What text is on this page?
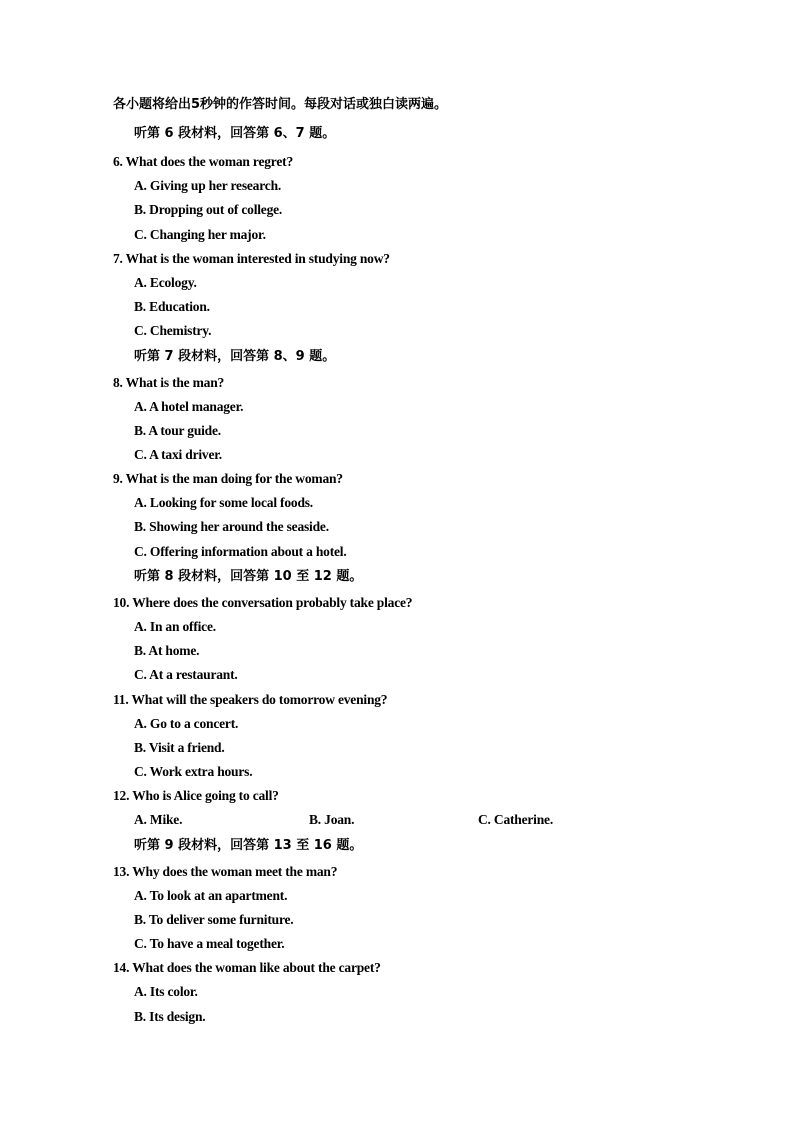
各小题将给出5秒钟的作答时间。每段对话或独白读两遍。
听第 6 段材料，回答第 6、7 题。
6. What does the woman regret?
A. Giving up her research.
B. Dropping out of college.
C. Changing her major.
7. What is the woman interested in studying now?
A. Ecology.
B. Education.
C. Chemistry.
听第 7 段材料，回答第 8、9 题。
8. What is the man?
A. A hotel manager.
B. A tour guide.
C. A taxi driver.
9. What is the man doing for the woman?
A. Looking for some local foods.
B. Showing her around the seaside.
C. Offering information about a hotel.
听第 8 段材料，回答第 10 至 12 题。
10. Where does the conversation probably take place?
A. In an office.
B. At home.
C. At a restaurant.
11. What will the speakers do tomorrow evening?
A. Go to a concert.
B. Visit a friend.
C. Work extra hours.
12. Who is Alice going to call?
A. Mike.	B. Joan.	C. Catherine.
听第 9 段材料，回答第 13 至 16 题。
13. Why does the woman meet the man?
A. To look at an apartment.
B. To deliver some furniture.
C. To have a meal together.
14. What does the woman like about the carpet?
A. Its color.
B. Its design.
